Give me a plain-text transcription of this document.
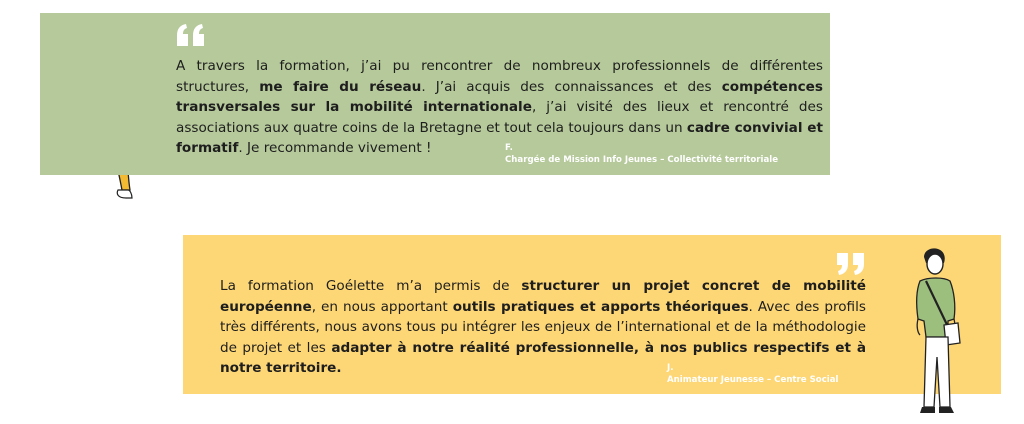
A travers la formation, j’ai pu rencontrer de nombreux professionnels de différentes structures, me faire du réseau. J’ai acquis des connaissances et des compétences transversales sur la mobilité internationale, j’ai visité des lieux et rencontré des associations aux quatre coins de la Bretagne et tout cela toujours dans un cadre convivial et formatif. Je recommande vivement !	F.
Chargée de Mission Info Jeunes – Collectivité territoriale
La formation Goélette m’a permis de structurer un projet concret de mobilité européenne, en nous apportant outils pratiques et apports théoriques. Avec des profils très différents, nous avons tous pu intégrer les enjeux de l’international et de la méthodologie de projet et les adapter à notre réalité professionnelle, à nos publics respectifs et à notre territoire.	J.
Animateur Jeunesse – Centre Social
